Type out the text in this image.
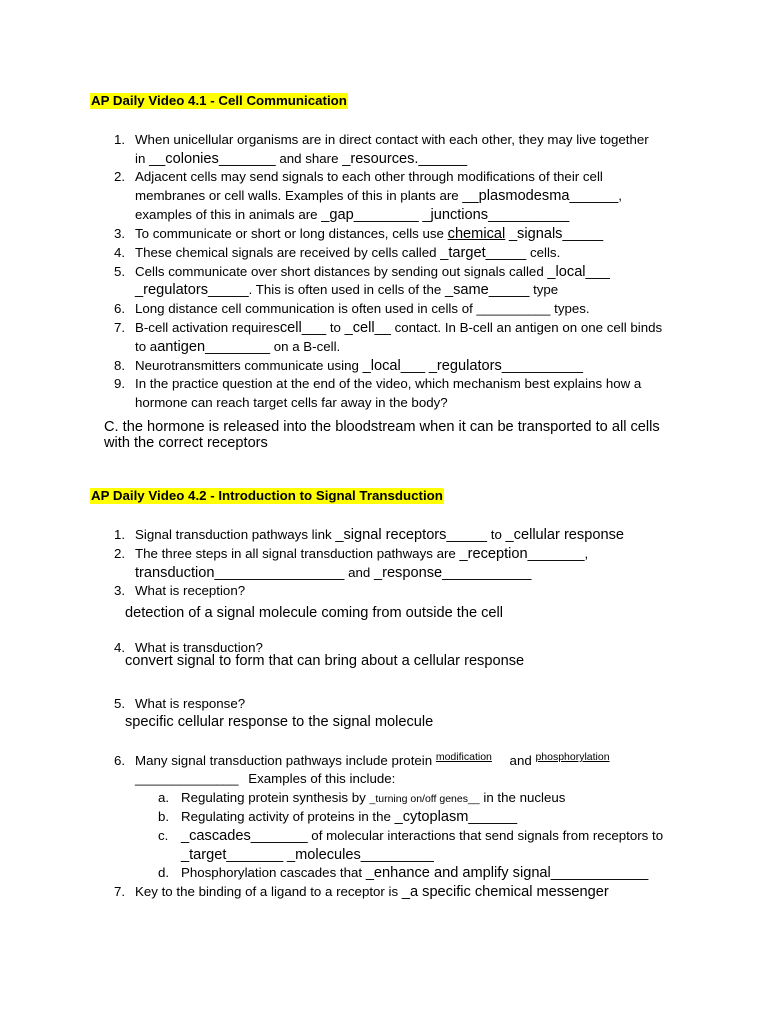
AP Daily Video 4.1 - Cell Communication
1. When unicellular organisms are in direct contact with each other, they may live together
in __colonies_______ and share _resources.______
2. Adjacent cells may send signals to each other through modifications of their cell
membranes or cell walls. Examples of this in plants are __plasmodesma______,
examples of this in animals are _gap________ _junctions__________
3. To communicate or short or long distances, cells use chemical _signals_____
4. These chemical signals are received by cells called _target_____ cells.
5. Cells communicate over short distances by sending out signals called _local___
_regulators_____. This is often used in cells of the _same_____ type
6. Long distance cell communication is often used in cells of __________ types.
7. B-cell activation requirescell___ to _cell__ contact. In B-cell an antigen on one cell binds
to aantigen________ on a B-cell.
8. Neurotransmitters communicate using _local___ _regulators__________
9. In the practice question at the end of the video, which mechanism best explains how a
hormone can reach target cells far away in the body?
C. the hormone is released into the bloodstream when it can be transported to all cells
with the correct receptors
AP Daily Video 4.2 - Introduction to Signal Transduction
1. Signal transduction pathways link _signal receptors_____ to _cellular response
2. The three steps in all signal transduction pathways are _reception_______,
transduction________________ and _response___________
3. What is reception?
detection of a signal molecule coming from outside the cell
4. What is transduction?
convert signal to form that can bring about a cellular response
5. What is response?
specific cellular response to the signal molecule
6. Many signal transduction pathways include protein modification and phosphorylation
______________ Examples of this include:
a. Regulating protein synthesis by _turning on/off genes__ in the nucleus
b. Regulating activity of proteins in the _cytoplasm______
c. _cascades_______ of molecular interactions that send signals from receptors to
_target_______ _molecules_________
d. Phosphorylation cascades that _enhance and amplify signal____________
7. Key to the binding of a ligand to a receptor is _a specific chemical messenger
